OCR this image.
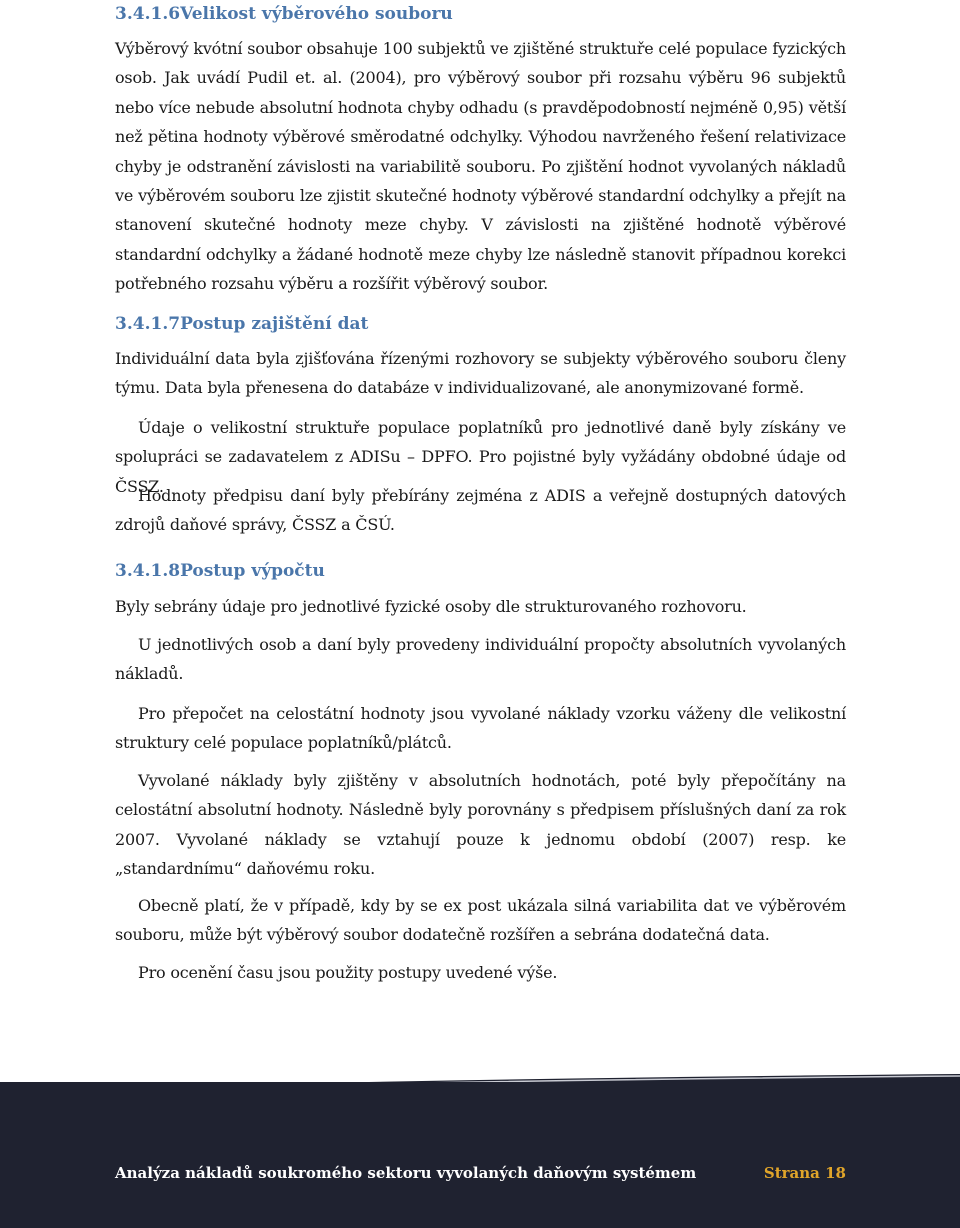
3.4.1.6Velikost výběrového souboru
Výběrový kvótní soubor obsahuje 100 subjektů ve zjištěné struktuře celé populace fyzických osob. Jak uvádí Pudil et. al. (2004), pro výběrový soubor při rozsahu výběru 96 subjektů nebo více nebude absolutní hodnota chyby odhadu (s pravděpodobností nejméně 0,95) větší než pětina hodnoty výběrové směrodatné odchylky. Výhodou navrženého řešení relativizace chyby je odstranění závislosti na variabilitě souboru. Po zjištění hodnot vyvolaných nákladů ve výběrovém souboru lze zjistit skutečné hodnoty výběrové standardní odchylky a přejít na stanovení skutečné hodnoty meze chyby. V závislosti na zjištěné hodnotě výběrové standardní odchylky a žádané hodnotě meze chyby lze následně stanovit případnou korekci potřebného rozsahu výběru a rozšířit výběrový soubor.
3.4.1.7Postup zajištění dat
Individuální data byla zjišťována řízenými rozhovory se subjekty výběrového souboru členy týmu. Data byla přenesena do databáze v individualizované, ale anonymizované formě.
Údaje o velikostní struktuře populace poplatníků pro jednotlivé daně byly získány ve spolupráci se zadavatelem z ADISu – DPFO. Pro pojistné byly vyžádány obdobné údaje od ČSSZ.
Hodnoty předpisu daní byly přebírány zejména z ADIS a veřejně dostupných datových zdrojů daňové správy, ČSSZ a ČSÚ.
3.4.1.8Postup výpočtu
Byly sebrány údaje pro jednotlivé fyzické osoby dle strukturovaného rozhovoru.
U jednotlivých osob a daní byly provedeny individuální propočty absolutních vyvolaných nákladů.
Pro přepočet na celostátní hodnoty jsou vyvolané náklady vzorku váženy dle velikostní struktury celé populace poplatníků/plátců.
Vyvolané náklady byly zjištěny v absolutních hodnotách, poté byly přepočítány na celostátní absolutní hodnoty. Následně byly porovnány s předpisem příslušných daní za rok 2007. Vyvolané náklady se vztahují pouze k jednomu období (2007) resp. ke „standardnímu“ daňovému roku.
Obecně platí, že v případě, kdy by se ex post ukázala silná variabilita dat ve výběrovém souboru, může být výběrový soubor dodatečně rozšířen a sebrána dodatečná data.
Pro ocenění času jsou použity postupy uvedené výše.
Analýza nákladů soukromého sektoru vyvolaných daňovým systémem	Strana 18
